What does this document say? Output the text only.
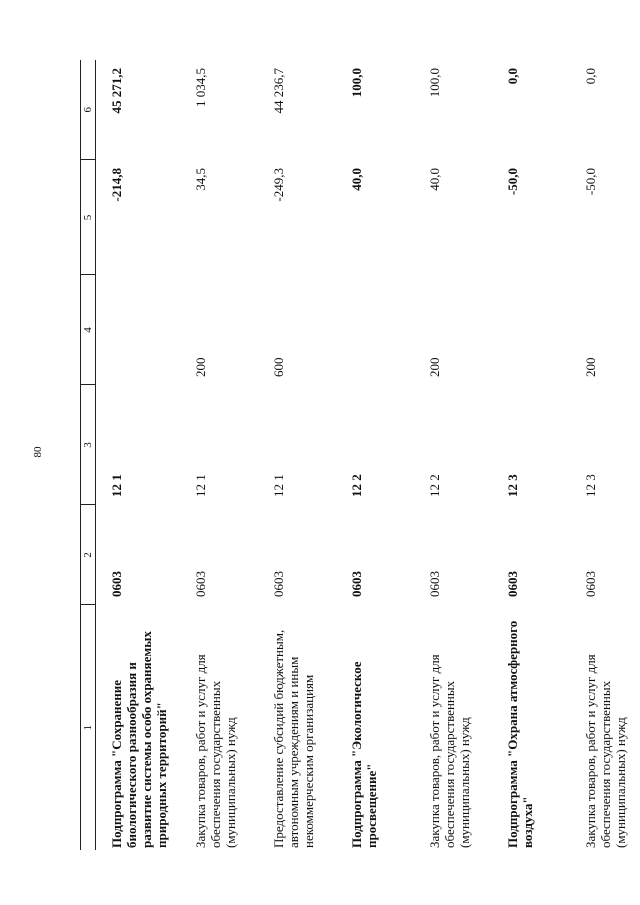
80
1	2	3	4	5	6
Подпрограмма "Сохранение биологического разнообразия и развитие системы особо охраняемых природных территорий"	0603	12 1		-214,8	45 271,2
Закупка товаров, работ и услуг для обеспечения государственных (муниципальных) нужд	0603	12 1	200	34,5	1 034,5
Предоставление субсидий бюджетным, автономным учреждениям и иным некоммерческим организациям	0603	12 1	600	-249,3	44 236,7
Подпрограмма "Экологическое просвещение"	0603	12 2		40,0	100,0
Закупка товаров, работ и услуг для обеспечения государственных (муниципальных) нужд	0603	12 2	200	40,0	100,0
Подпрограмма "Охрана атмосферного воздуха"	0603	12 3		-50,0	0,0
Закупка товаров, работ и услуг для обеспечения государственных (муниципальных) нужд	0603	12 3	200	-50,0	0,0
